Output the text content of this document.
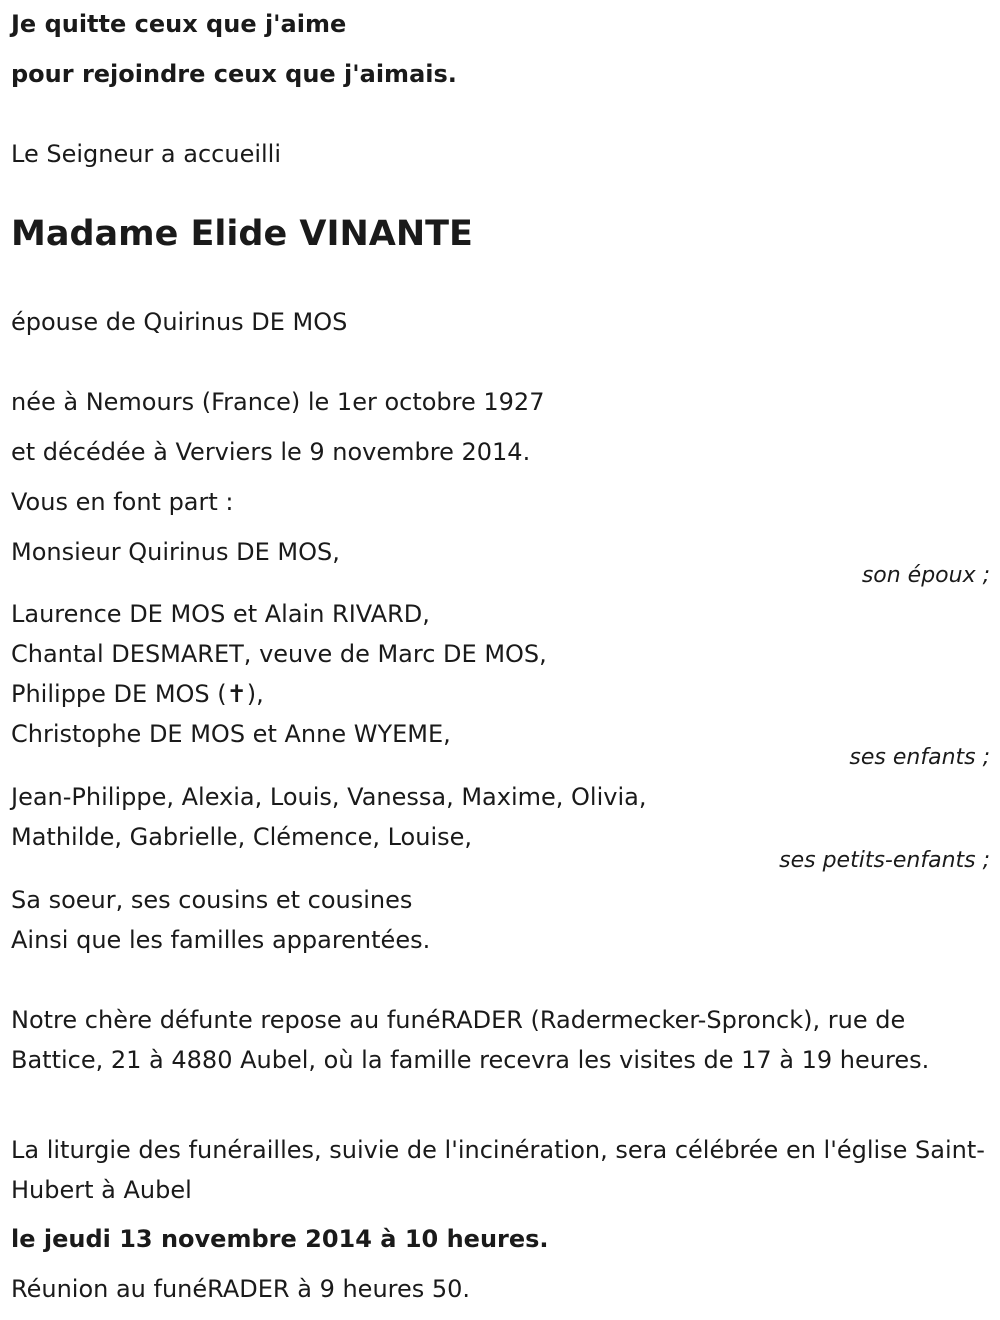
Je quitte ceux que j'aime

pour rejoindre ceux que j'aimais.

Le Seigneur a accueilli

Madame Elide VINANTE

épouse de Quirinus DE MOS

née à Nemours (France) le 1er octobre 1927

et décédée à Verviers le 9 novembre 2014.

Vous en font part :

Monsieur Quirinus DE MOS,

son époux ;

Laurence DE MOS et Alain RIVARD,

Chantal DESMARET, veuve de Marc DE MOS,

Philippe DE MOS (✝),

Christophe DE MOS et Anne WYEME,

ses enfants ;

Jean-Philippe, Alexia, Louis, Vanessa, Maxime, Olivia,

Mathilde, Gabrielle, Clémence, Louise,

ses petits-enfants ;

Sa soeur, ses cousins et cousines

Ainsi que les familles apparentées.

Notre chère défunte repose au funéRADER (Radermecker-Spronck), rue de Battice, 21 à 4880 Aubel, où la famille recevra les visites de 17 à 19 heures.

La liturgie des funérailles, suivie de l'incinération, sera célébrée en l'église Saint-Hubert à Aubel

le jeudi 13 novembre 2014 à 10 heures.

Réunion au funéRADER à 9 heures 50.
